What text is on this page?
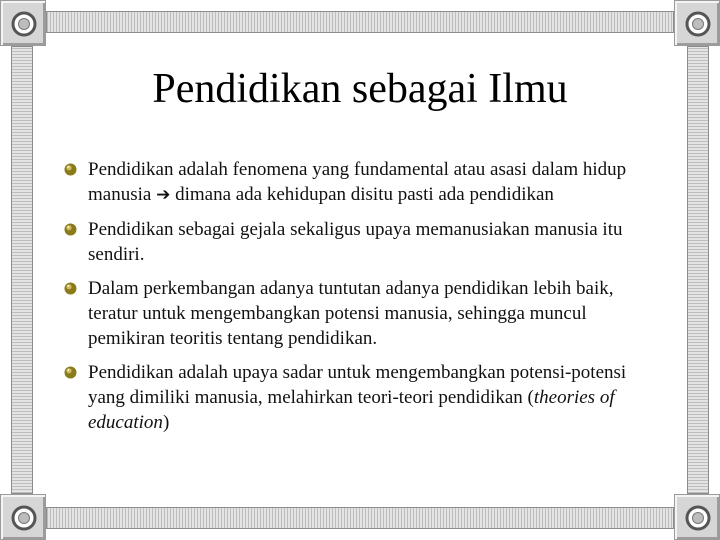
Pendidikan sebagai Ilmu
Pendidikan adalah fenomena yang fundamental atau asasi dalam hidup manusia ➔ dimana ada kehidupan disitu pasti ada pendidikan
Pendidikan sebagai gejala sekaligus upaya memanusiakan manusia itu sendiri.
Dalam perkembangan adanya tuntutan adanya pendidikan lebih baik, teratur untuk mengembangkan potensi manusia, sehingga muncul pemikiran teoritis tentang pendidikan.
Pendidikan adalah upaya sadar untuk mengembangkan potensi-potensi yang dimiliki manusia, melahirkan teori-teori pendidikan (theories of education)
